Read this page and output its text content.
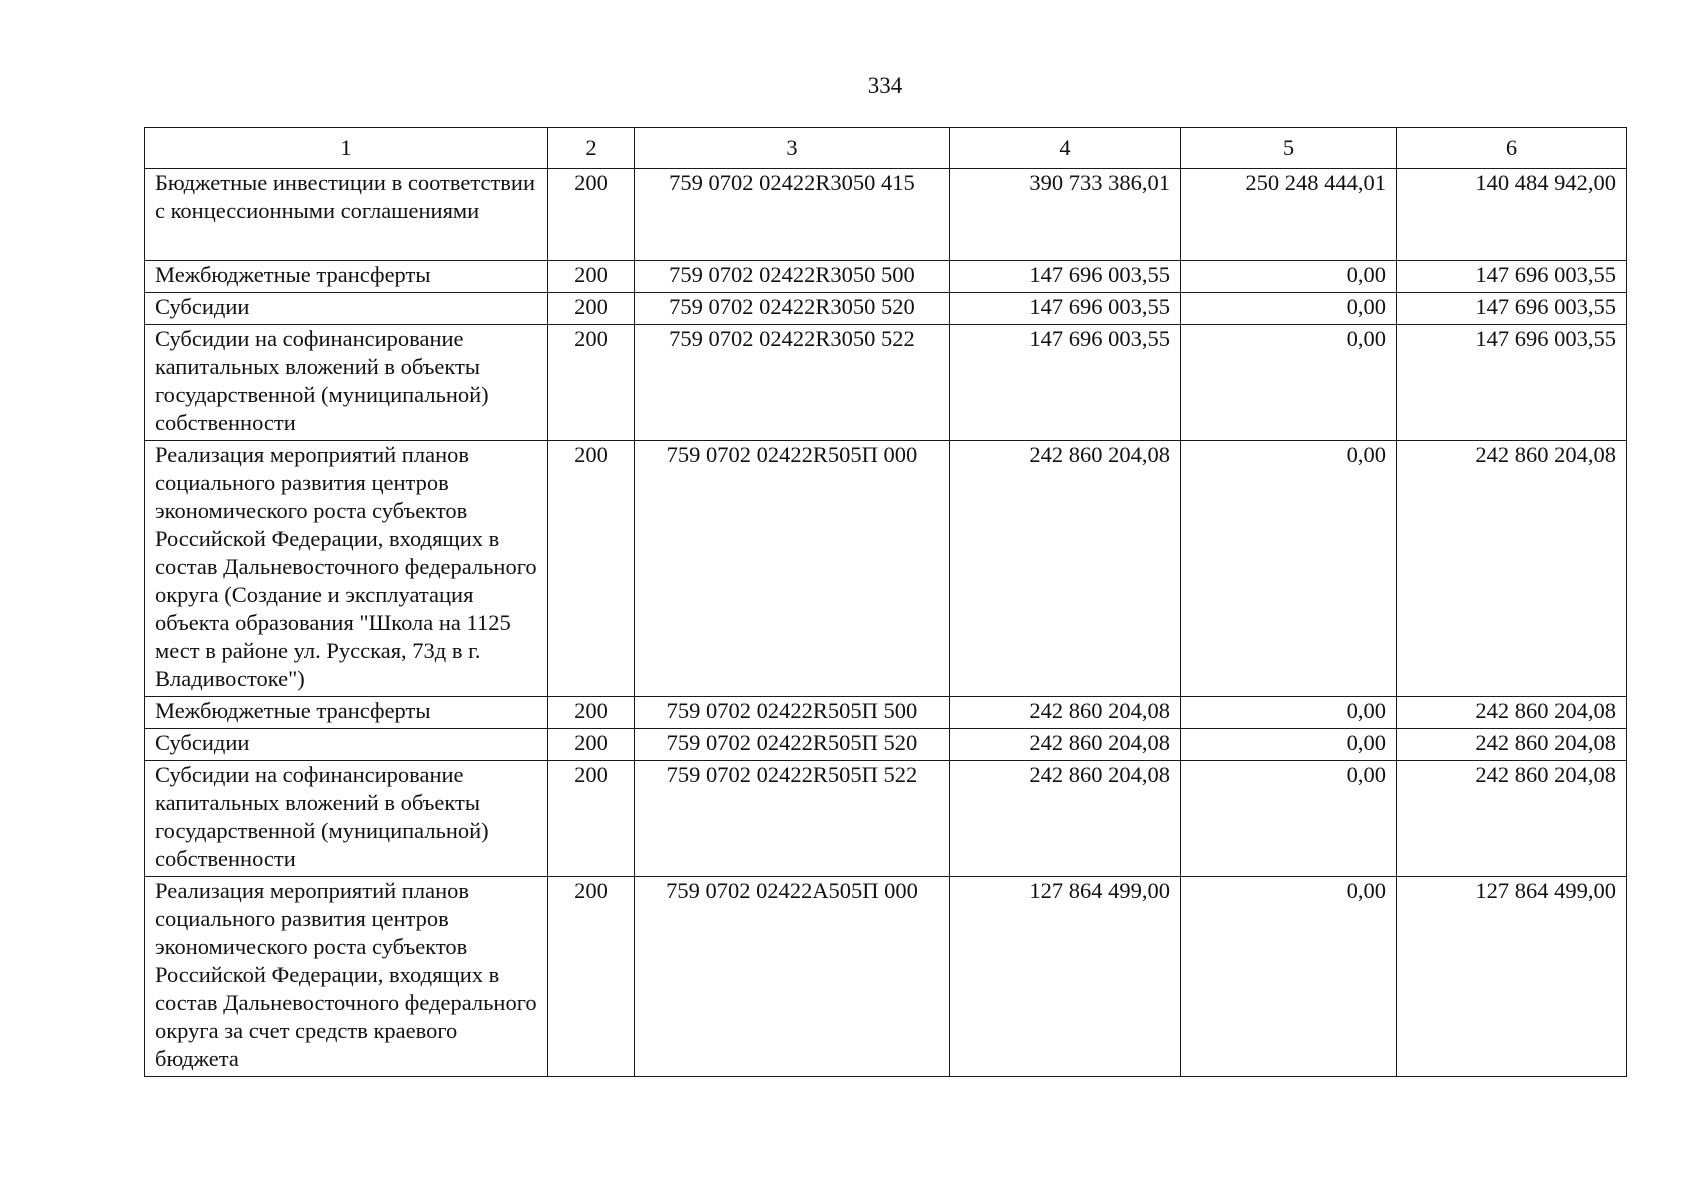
334
1	2	3	4	5	6
Бюджетные инвестиции в соответствии с концессионными соглашениями	200	759 0702 02422R3050 415	390 733 386,01	250 248 444,01	140 484 942,00
Межбюджетные трансферты	200	759 0702 02422R3050 500	147 696 003,55	0,00	147 696 003,55
Субсидии	200	759 0702 02422R3050 520	147 696 003,55	0,00	147 696 003,55
Субсидии на софинансирование капитальных вложений в объекты государственной (муниципальной) собственности	200	759 0702 02422R3050 522	147 696 003,55	0,00	147 696 003,55
Реализация мероприятий планов социального развития центров экономического роста субъектов Российской Федерации, входящих в состав Дальневосточного федерального округа (Создание и эксплуатация объекта образования "Школа на 1125 мест в районе ул. Русская, 73д в г. Владивостоке")	200	759 0702 02422R505П 000	242 860 204,08	0,00	242 860 204,08
Межбюджетные трансферты	200	759 0702 02422R505П 500	242 860 204,08	0,00	242 860 204,08
Субсидии	200	759 0702 02422R505П 520	242 860 204,08	0,00	242 860 204,08
Субсидии на софинансирование капитальных вложений в объекты государственной (муниципальной) собственности	200	759 0702 02422R505П 522	242 860 204,08	0,00	242 860 204,08
Реализация мероприятий планов социального развития центров экономического роста субъектов Российской Федерации, входящих в состав Дальневосточного федерального округа за счет средств краевого бюджета	200	759 0702 02422А505П 000	127 864 499,00	0,00	127 864 499,00
